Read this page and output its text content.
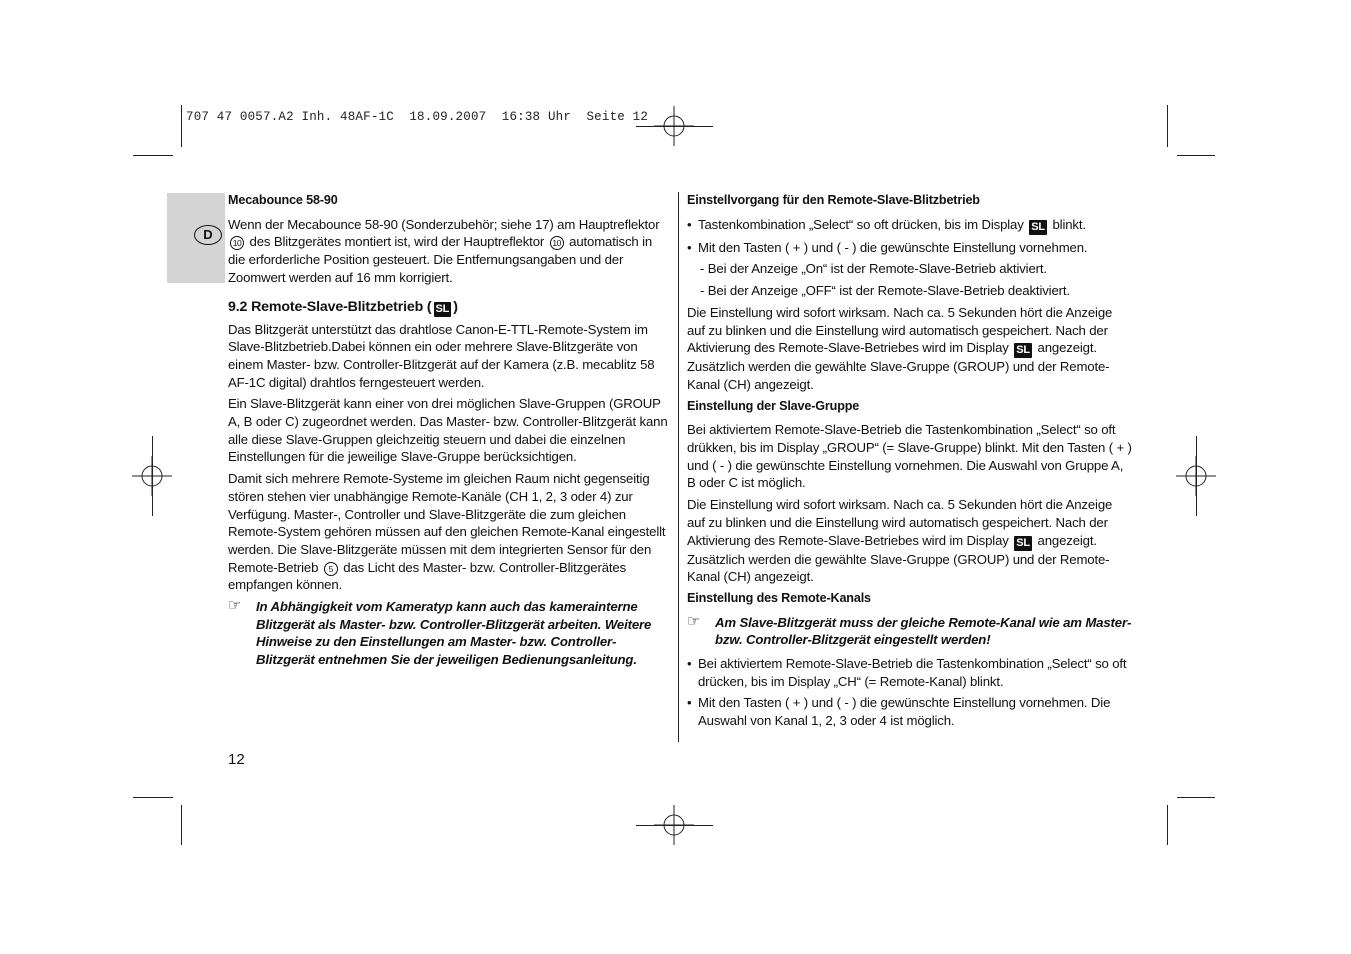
707 47 0057.A2 Inh. 48AF-1C  18.09.2007  16:38 Uhr  Seite 12
D
Mecabounce 58-90

Wenn der Mecabounce 58-90 (Sonderzubehör; siehe 17) am Hauptreflektor 10 des Blitzgerätes montiert ist, wird der Hauptreflektor 10 automatisch in die erforderliche Position gesteuert. Die Entfernungsangaben und der Zoomwert werden auf 16 mm korrigiert.

9.2 Remote-Slave-Blitzbetrieb ( SL )

Das Blitzgerät unterstützt das drahtlose Canon-E-TTL-Remote-System im Slave-Blitzbetrieb.Dabei können ein oder mehrere Slave-Blitzgeräte von einem Master- bzw. Controller-Blitzgerät auf der Kamera (z.B. mecablitz 58 AF-1C digital) drahtlos ferngesteuert werden.

Ein Slave-Blitzgerät kann einer von drei möglichen Slave-Gruppen (GROUP A, B oder C) zugeordnet werden. Das Master- bzw. Controller-Blitzgerät kann alle diese Slave-Gruppen gleichzeitig steuern und dabei die einzelnen Einstellungen für die jeweilige Slave-Gruppe berücksichtigen.

Damit sich mehrere Remote-Systeme im gleichen Raum nicht gegenseitig stören stehen vier unabhängige Remote-Kanäle (CH 1, 2, 3 oder 4) zur Verfügung. Master-, Controller und Slave-Blitzgeräte die zum gleichen Remote-System gehören müssen auf den gleichen Remote-Kanal eingestellt werden. Die Slave-Blitzgeräte müssen mit dem integrierten Sensor für den Remote-Betrieb 5 das Licht des Master- bzw. Controller-Blitzgerätes empfangen können.

☞ In Abhängigkeit vom Kameratyp kann auch das kamerainterne Blitzgerät als Master- bzw. Controller-Blitzgerät arbeiten. Weitere Hinweise zu den Einstellungen am Master- bzw. Controller-Blitzgerät entnehmen Sie der jeweiligen Bedienungsanleitung.
12
Einstellvorgang für den Remote-Slave-Blitzbetrieb
• Tastenkombination „Select“ so oft drücken, bis im Display SL blinkt.
• Mit den Tasten ( + ) und ( - ) die gewünschte Einstellung vornehmen.
- Bei der Anzeige „On“ ist der Remote-Slave-Betrieb aktiviert.
- Bei der Anzeige „OFF“ ist der Remote-Slave-Betrieb deaktiviert.

Die Einstellung wird sofort wirksam. Nach ca. 5 Sekunden hört die Anzeige auf zu blinken und die Einstellung wird automatisch gespeichert. Nach der Aktivierung des Remote-Slave-Betriebes wird im Display SL angezeigt. Zusätzlich werden die gewählte Slave-Gruppe (GROUP) und der Remote-Kanal (CH) angezeigt.

Einstellung der Slave-Gruppe

Bei aktiviertem Remote-Slave-Betrieb die Tastenkombination „Select“ so oft drükken, bis im Display „GROUP“ (= Slave-Gruppe) blinkt. Mit den Tasten ( + ) und ( - ) die gewünschte Einstellung vornehmen. Die Auswahl von Gruppe A, B oder C ist möglich.

Die Einstellung wird sofort wirksam. Nach ca. 5 Sekunden hört die Anzeige auf zu blinken und die Einstellung wird automatisch gespeichert. Nach der Aktivierung des Remote-Slave-Betriebes wird im Display SL angezeigt. Zusätzlich werden die gewählte Slave-Gruppe (GROUP) und der Remote-Kanal (CH) angezeigt.

Einstellung des Remote-Kanals
☞ Am Slave-Blitzgerät muss der gleiche Remote-Kanal wie am Master- bzw. Controller-Blitzgerät eingestellt werden!
• Bei aktiviertem Remote-Slave-Betrieb die Tastenkombination „Select“ so oft drücken, bis im Display „CH“ (= Remote-Kanal) blinkt.
• Mit den Tasten ( + ) und ( - ) die gewünschte Einstellung vornehmen. Die Auswahl von Kanal 1, 2, 3 oder 4 ist möglich.
